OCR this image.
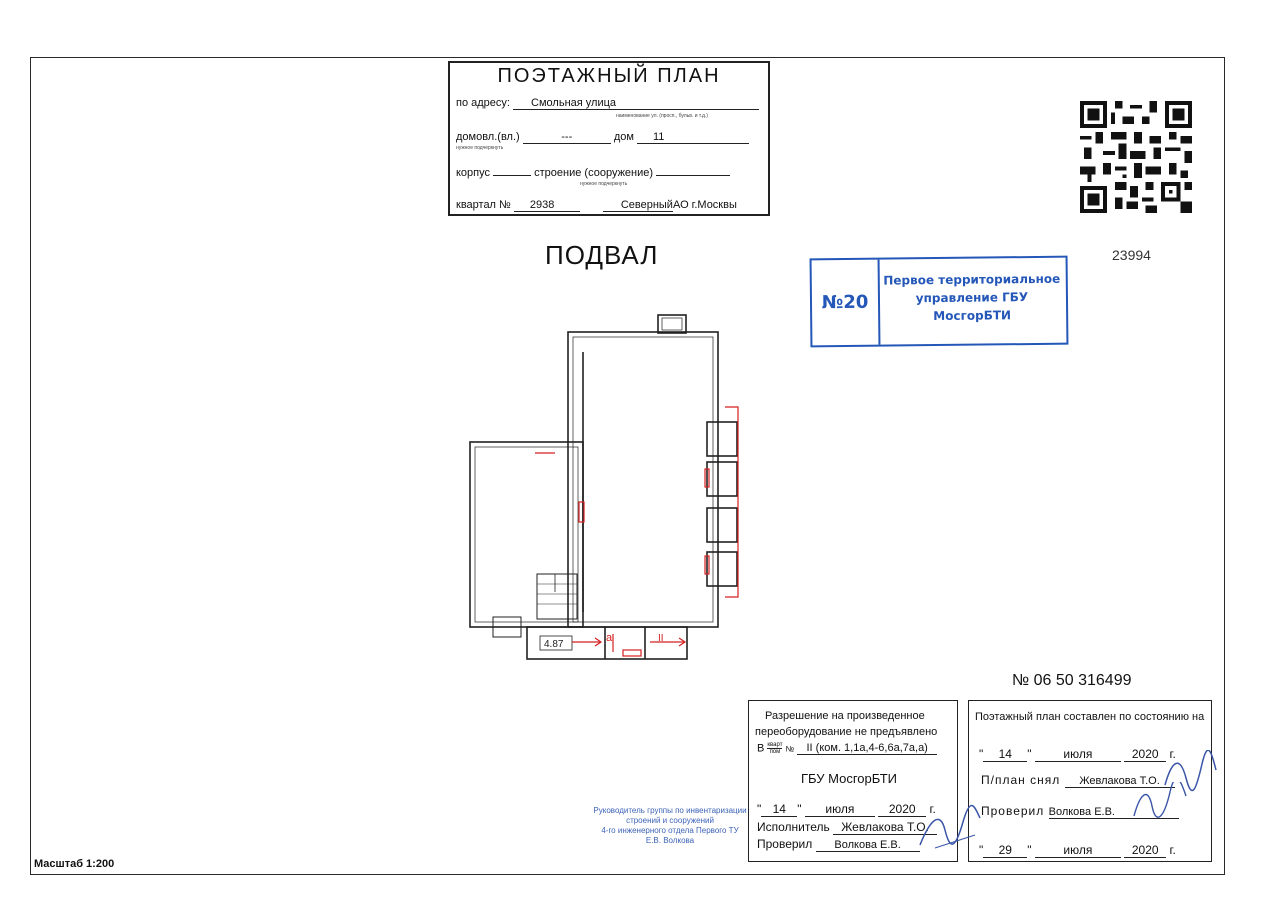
ПОЭТАЖНЫЙ ПЛАН
по адресу: Смольная улица
наименование ул. (просп., бульв. и т.д.)
домовл.(вл.)	---	дом 11
нужное подчеркнуть
корпус	строение (сооружение)
нужное подчеркнуть
квартал № 2938	СеверныйАО г.Москвы
ПОДВАЛ	23994
№20
Первое территориальное управление ГБУ МосгорБТИ
4.87
а	II
№ 06 50 316499
Разрешение на произведенное
переоборудование не предъявлено
В кварт
пом № II (ком. 1,1а,4-6,6а,7а,а)
ГБУ МосгорБТИ
" 14 " июля	2020 г.
Исполнитель Жевлакова Т.О.
Проверил Волкова Е.В.
Поэтажный план составлен по состоянию на
" 14 " июля	2020 г.
П/план снял Жевлакова Т.О.
Проверил Волкова Е.В.
" 29 " июля	2020 г.
Руководитель группы по инвентаризации
строений и сооружений
4-го инженерного отдела Первого ТУ
Е.В. Волкова
Масштаб 1:200
